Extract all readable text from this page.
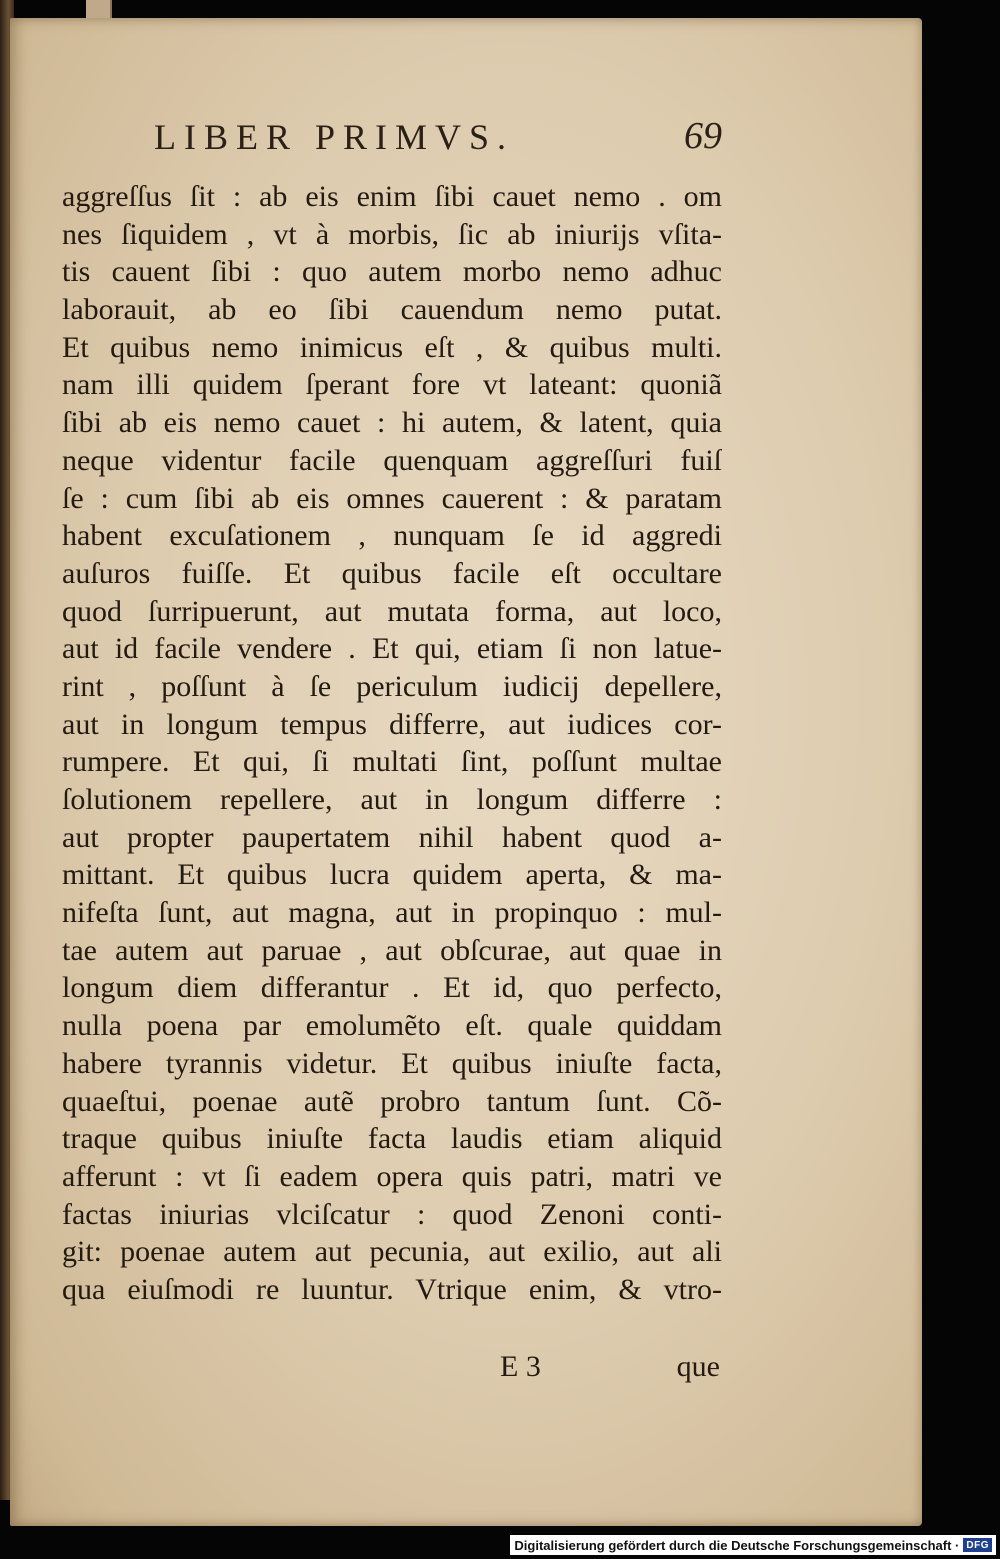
LIBER PRIMVS.	69
aggreſſus ſit : ab eis enim ſibi cauet nemo . om
nes ſiquidem , vt à morbis, ſic ab iniurijs vſita-
tis cauent ſibi : quo autem morbo nemo adhuc
laborauit, ab eo ſibi cauendum nemo putat.
Et quibus nemo inimicus eſt , & quibus multi.
nam illi quidem ſperant fore vt lateant: quoniã
ſibi ab eis nemo cauet : hi autem, & latent, quia
neque videntur facile quenquam aggreſſuri fuiſ
ſe : cum ſibi ab eis omnes cauerent : & paratam
habent excuſationem , nunquam ſe id aggredi
auſuros fuiſſe. Et quibus facile eſt occultare
quod ſurripuerunt, aut mutata forma, aut loco,
aut id facile vendere . Et qui, etiam ſi non latue-
rint , poſſunt à ſe periculum iudicij depellere,
aut in longum tempus differre, aut iudices cor-
rumpere. Et qui, ſi multati ſint, poſſunt multae
ſolutionem repellere, aut in longum differre :
aut propter paupertatem nihil habent quod a-
mittant. Et quibus lucra quidem aperta, & ma-
nifeſta ſunt, aut magna, aut in propinquo : mul-
tae autem aut paruae , aut obſcurae, aut quae in
longum diem differantur . Et id, quo perfecto,
nulla poena par emolumẽto eſt. quale quiddam
habere tyrannis videtur. Et quibus iniuſte facta,
quaeſtui, poenae autẽ probro tantum ſunt. Cõ-
traque quibus iniuſte facta laudis etiam aliquid
afferunt : vt ſi eadem opera quis patri, matri ve
factas iniurias vlciſcatur : quod Zenoni conti-
git: poenae autem aut pecunia, aut exilio, aut ali
qua eiuſmodi re luuntur. Vtrique enim, & vtro-
E 3	que
Digitalisierung gefördert durch die Deutsche Forschungsgemeinschaft · DFG
